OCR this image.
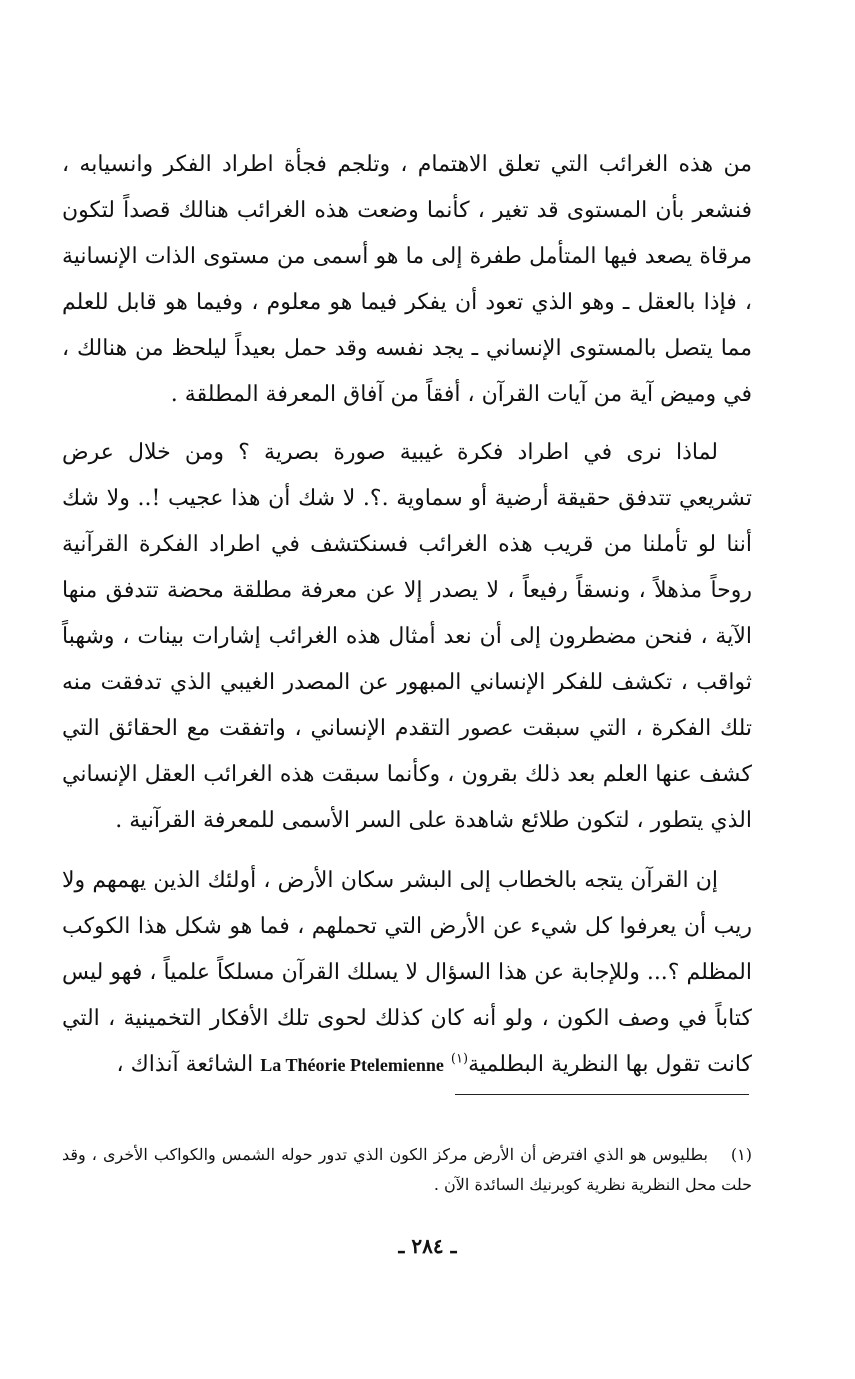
من هذه الغرائب التي تعلق الاهتمام ، وتلجم فجأة اطراد الفكر وانسيابه ، فنشعر بأن المستوى قد تغير ، كأنما وضعت هذه الغرائب هنالك قصداً لتكون مرقاة يصعد فيها المتأمل طفرة إلى ما هو أسمى من مستوى الذات الإنسانية ، فإذا بالعقل ـ وهو الذي تعود أن يفكر فيما هو معلوم ، وفيما هو قابل للعلم مما يتصل بالمستوى الإنساني ـ يجد نفسه وقد حمل بعيداً ليلحظ من هنالك ، في وميض آية من آيات القرآن ، أفقاً من آفاق المعرفة المطلقة .

لماذا نرى في اطراد فكرة غيبية صورة بصرية ؟ ومن خلال عرض تشريعي تتدفق حقيقة أرضية أو سماوية .؟. لا شك أن هذا عجيب !.. ولا شك أننا لو تأملنا من قريب هذه الغرائب فسنكتشف في اطراد الفكرة القرآنية روحاً مذهلاً ، ونسقاً رفيعاً ، لا يصدر إلا عن معرفة مطلقة محضة تتدفق منها الآية ، فنحن مضطرون إلى أن نعد أمثال هذه الغرائب إشارات بينات ، وشهباً ثواقب ، تكشف للفكر الإنساني المبهور عن المصدر الغيبي الذي تدفقت منه تلك الفكرة ، التي سبقت عصور التقدم الإنساني ، واتفقت مع الحقائق التي كشف عنها العلم بعد ذلك بقرون ، وكأنما سبقت هذه الغرائب العقل الإنساني الذي يتطور ، لتكون طلائع شاهدة على السر الأسمى للمعرفة القرآنية .

إن القرآن يتجه بالخطاب إلى البشر سكان الأرض ، أولئك الذين يهمهم ولا ريب أن يعرفوا كل شيء عن الأرض التي تحملهم ، فما هو شكل هذا الكوكب المظلم ؟... وللإجابة عن هذا السؤال لا يسلك القرآن مسلكاً علمياً ، فهو ليس كتاباً في وصف الكون ، ولو أنه كان كذلك لحوى تلك الأفكار التخمينية ، التي كانت تقول بها النظرية البطلمية$^{(١)}$ La Théorie Ptelemienne الشائعة آنذاك ،

(١)بطليوس هو الذي افترض أن الأرض مركز الكون الذي تدور حوله الشمس والكواكب الأخرى ، وقد حلت محل النظرية نظرية كوبرنيك السائدة الآن .

ـ ٢٨٤ ـ
